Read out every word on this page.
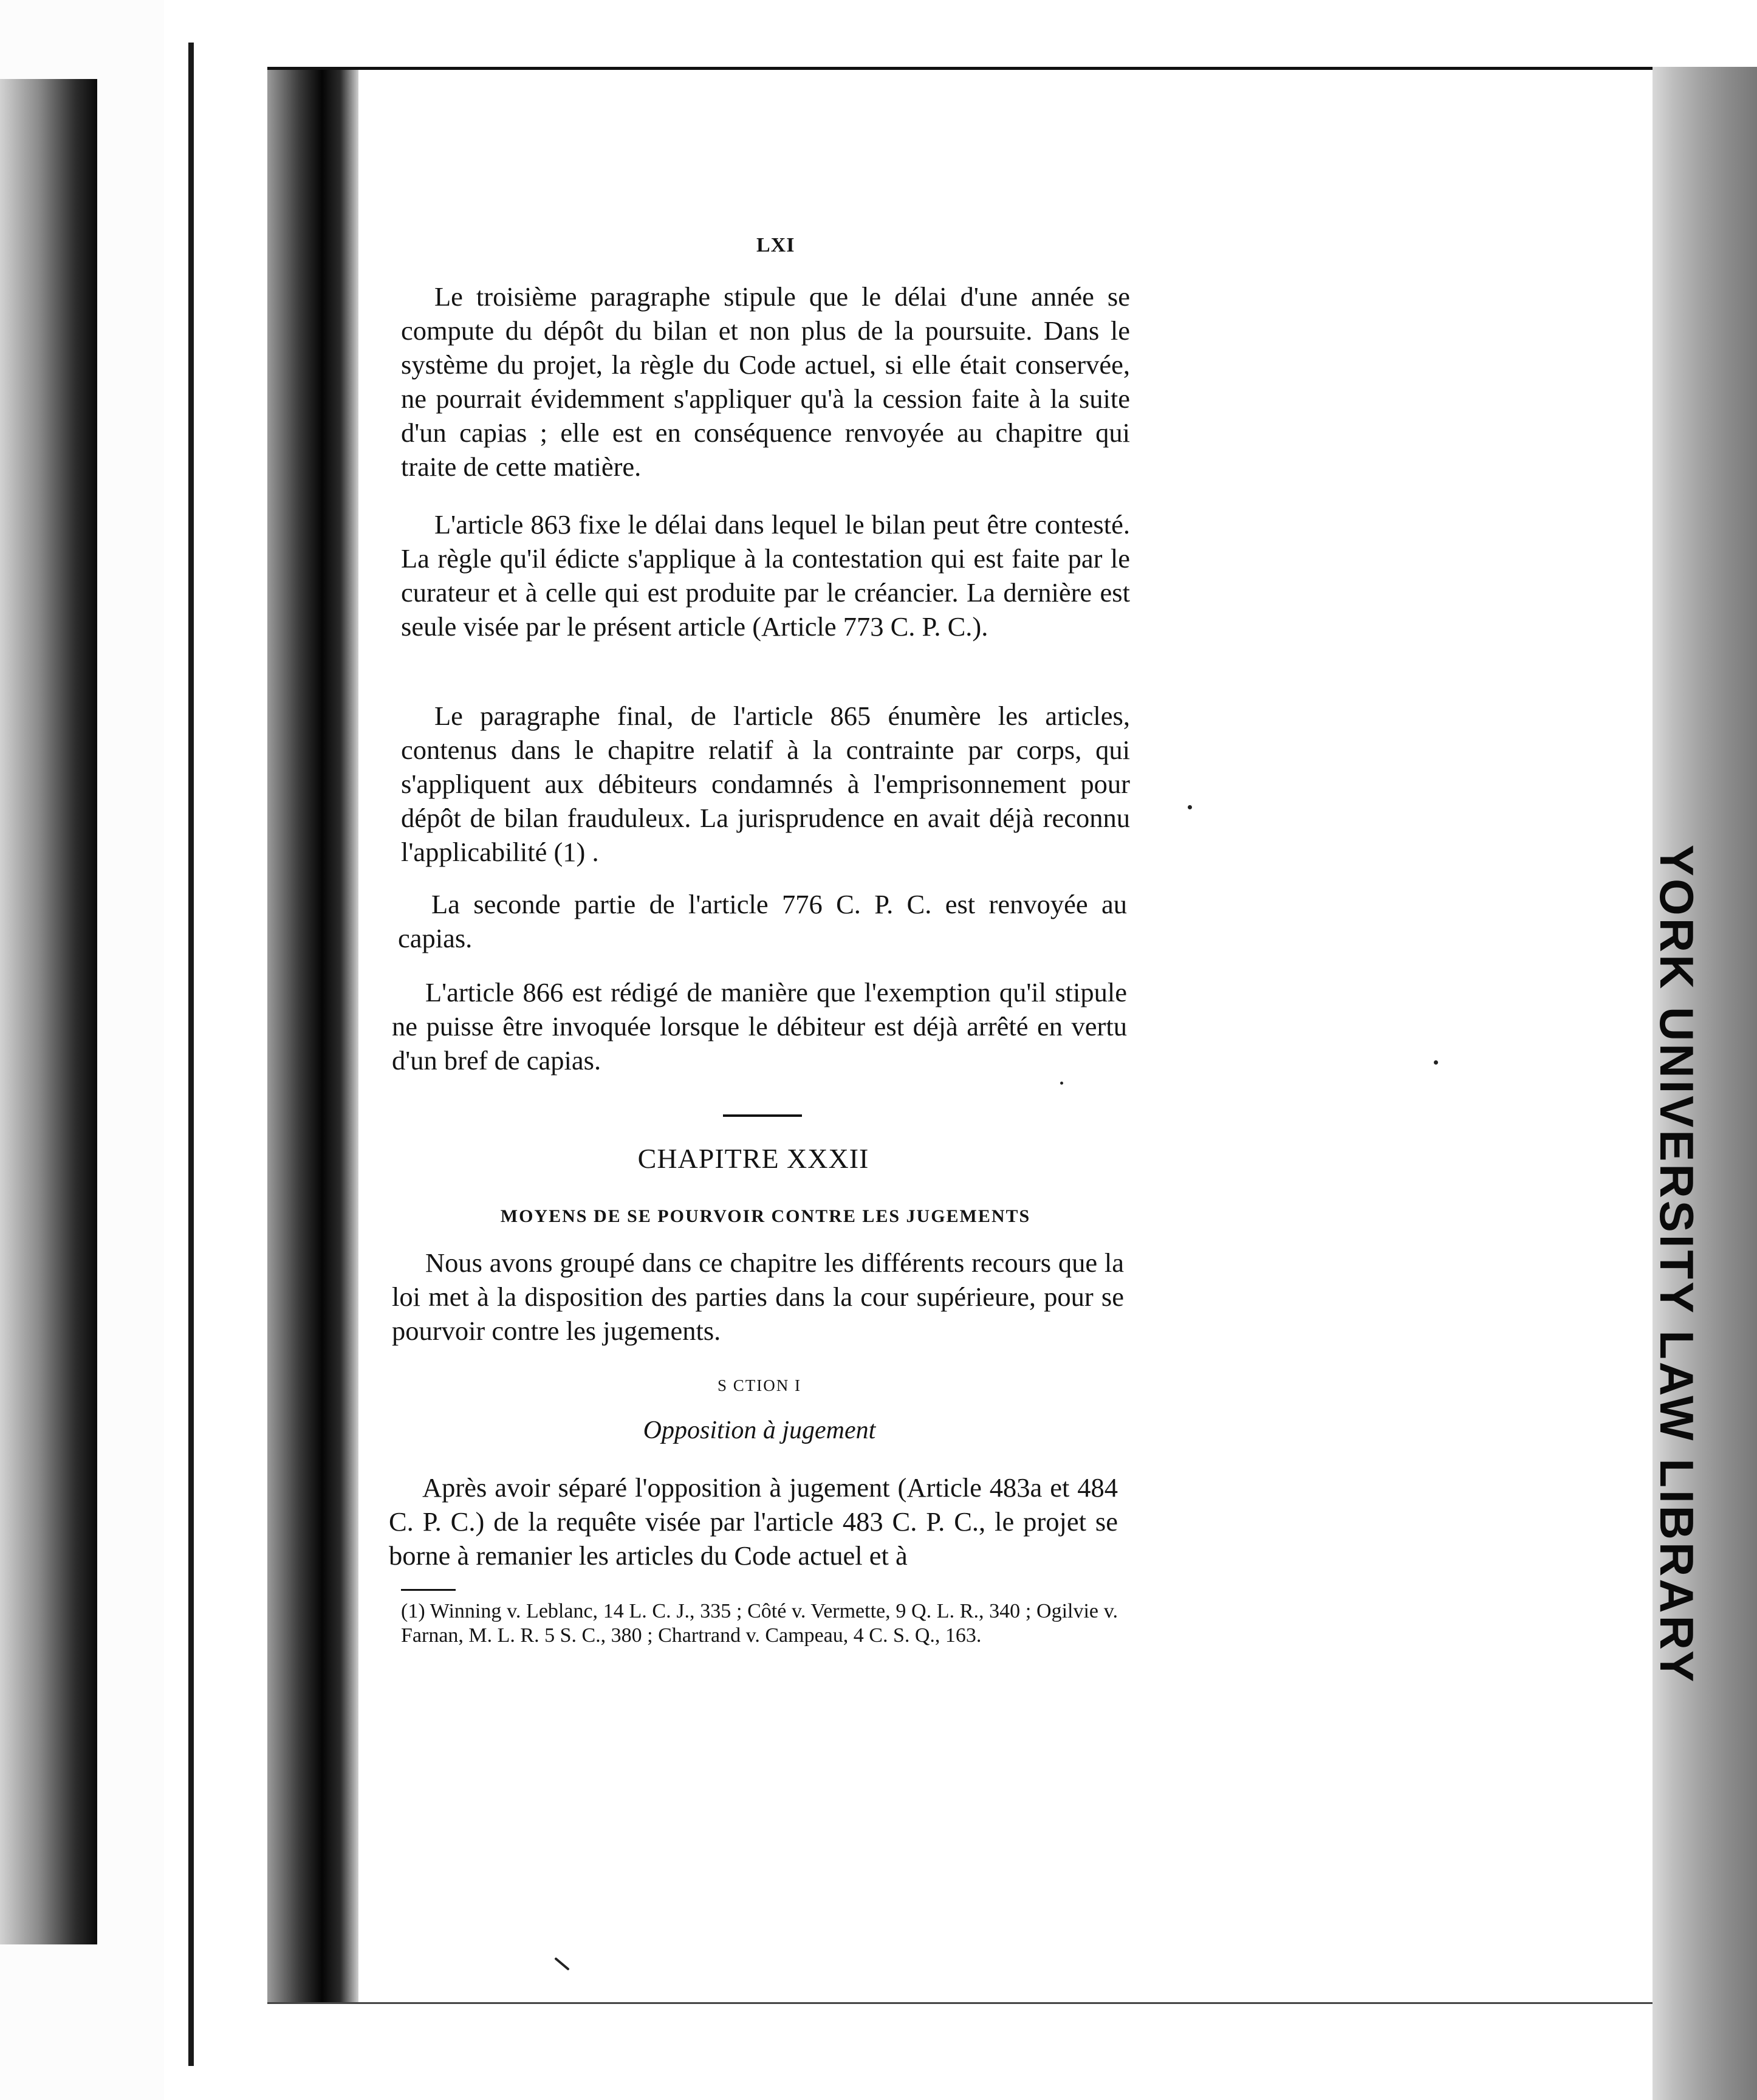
LXI

Le troisième paragraphe stipule que le délai d'une année se compute du dépôt du bilan et non plus de la poursuite. Dans le système du projet, la règle du Code actuel, si elle était conservée, ne pourrait évidemment s'appliquer qu'à la cession faite à la suite d'un capias ; elle est en conséquence renvoyée au chapitre qui traite de cette matière.

L'article 863 fixe le délai dans lequel le bilan peut être contesté. La règle qu'il édicte s'applique à la contestation qui est faite par le curateur et à celle qui est produite par le créancier. La dernière est seule visée par le présent article (Article 773 C. P. C.).

Le paragraphe final, de l'article 865 énumère les articles, contenus dans le chapitre relatif à la contrainte par corps, qui s'appliquent aux débiteurs condamnés à l'emprisonnement pour dépôt de bilan frauduleux. La jurisprudence en avait déjà reconnu l'applicabilité (1) .

La seconde partie de l'article 776 C. P. C. est renvoyée au capias.

L'article 866 est rédigé de manière que l'exemption qu'il stipule ne puisse être invoquée lorsque le débiteur est déjà arrêté en vertu d'un bref de capias.

CHAPITRE XXXII
MOYENS DE SE POURVOIR CONTRE LES JUGEMENTS

Nous avons groupé dans ce chapitre les différents recours que la loi met à la disposition des parties dans la cour supérieure, pour se pourvoir contre les jugements.

S CTION I
Opposition à jugement

Après avoir séparé l'opposition à jugement (Article 483a et 484 C. P. C.) de la requête visée par l'article 483 C. P. C., le projet se borne à remanier les articles du Code actuel et à

(1) Winning v. Leblanc, 14 L. C. J., 335 ; Côté v. Vermette, 9 Q. L. R., 340 ; Ogilvie v. Farnan, M. L. R. 5 S. C., 380 ; Chartrand v. Campeau, 4 C. S. Q., 163.	YORK UNIVERSITY LAW LIBRARY
